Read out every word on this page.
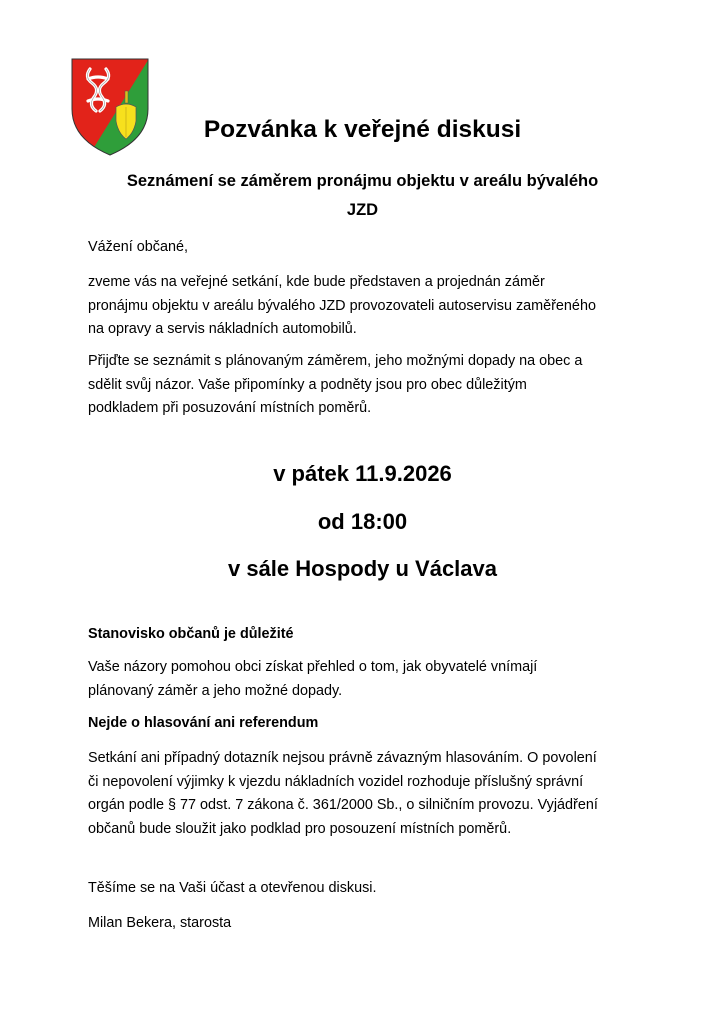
Pozvánka k veřejné diskusi
Seznámení se záměrem pronájmu objektu v areálu bývalého
JZD
Vážení občané,
zveme vás na veřejné setkání, kde bude představen a projednán záměr
pronájmu objektu v areálu bývalého JZD provozovateli autoservisu zaměřeného
na opravy a servis nákladních automobilů.
Přijďte se seznámit s plánovaným záměrem, jeho možnými dopady na obec a
sdělit svůj názor. Vaše připomínky a podněty jsou pro obec důležitým
podkladem při posuzování místních poměrů.
v pátek 11.9.2026
od 18:00
v sále Hospody u Václava
Stanovisko občanů je důležité
Vaše názory pomohou obci získat přehled o tom, jak obyvatelé vnímají
plánovaný záměr a jeho možné dopady.
Nejde o hlasování ani referendum
Setkání ani případný dotazník nejsou právně závazným hlasováním. O povolení
či nepovolení výjimky k vjezdu nákladních vozidel rozhoduje příslušný správní
orgán podle § 77 odst. 7 zákona č. 361/2000 Sb., o silničním provozu. Vyjádření
občanů bude sloužit jako podklad pro posouzení místních poměrů.
Těšíme se na Vaši účast a otevřenou diskusi.
Milan Bekera, starosta
